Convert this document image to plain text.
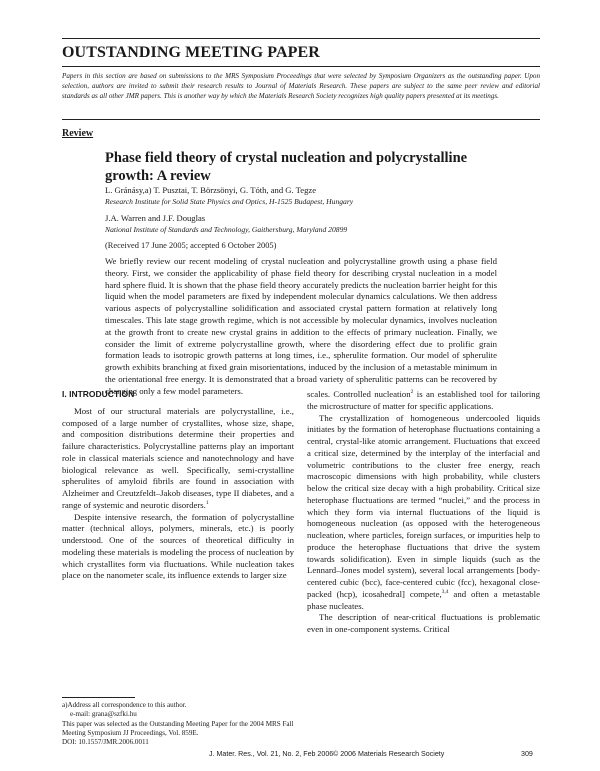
OUTSTANDING MEETING PAPER
Papers in this section are based on submissions to the MRS Symposium Proceedings that were selected by Symposium Organizers as the outstanding paper. Upon selection, authors are invited to submit their research results to Journal of Materials Research. These papers are subject to the same peer review and editorial standards as all other JMR papers. This is another way by which the Materials Research Society recognizes high quality papers presented at its meetings.
Review
Phase field theory of crystal nucleation and polycrystalline growth: A review
L. Gránásy,a) T. Pusztai, T. Börzsönyi, G. Tóth, and G. Tegze
Research Institute for Solid State Physics and Optics, H-1525 Budapest, Hungary
J.A. Warren and J.F. Douglas
National Institute of Standards and Technology, Gaithersburg, Maryland 20899
(Received 17 June 2005; accepted 6 October 2005)
We briefly review our recent modeling of crystal nucleation and polycrystalline growth using a phase field theory. First, we consider the applicability of phase field theory for describing crystal nucleation in a model hard sphere fluid. It is shown that the phase field theory accurately predicts the nucleation barrier height for this liquid when the model parameters are fixed by independent molecular dynamics calculations. We then address various aspects of polycrystalline solidification and associated crystal pattern formation at relatively long timescales. This late stage growth regime, which is not accessible by molecular dynamics, involves nucleation at the growth front to create new crystal grains in addition to the effects of primary nucleation. Finally, we consider the limit of extreme polycrystalline growth, where the disordering effect due to prolific grain formation leads to isotropic growth patterns at long times, i.e., spherulite formation. Our model of spherulite growth exhibits branching at fixed grain misorientations, induced by the inclusion of a metastable minimum in the orientational free energy. It is demonstrated that a broad variety of spherulitic patterns can be recovered by changing only a few model parameters.
I. INTRODUCTION

Most of our structural materials are polycrystalline, i.e., composed of a large number of crystallites, whose size, shape, and composition distributions determine their properties and failure characteristics. Polycrystalline patterns play an important role in classical materials science and nanotechnology and have biological relevance as well. Specifically, semi-crystalline spherulites of amyloid fibrils are found in association with Alzheimer and Creutzfeldt–Jakob diseases, type II diabetes, and a range of systemic and neurotic disorders.$^1$

Despite intensive research, the formation of polycrystalline matter (technical alloys, polymers, minerals, etc.) is poorly understood. One of the sources of theoretical difficulty in modeling these materials is modeling the process of nucleation by which crystallites form via fluctuations. While nucleation takes place on the nanometer scale, its influence extends to larger size

scales. Controlled nucleation$^2$ is an established tool for tailoring the microstructure of matter for specific applications.

The crystallization of homogeneous undercooled liquids initiates by the formation of heterophase fluctuations containing a central, crystal-like atomic arrangement. Fluctuations that exceed a critical size, determined by the interplay of the interfacial and volumetric contributions to the cluster free energy, reach macroscopic dimensions with high probability, while clusters below the critical size decay with a high probability. Critical size heterophase fluctuations are termed “nuclei,” and the process in which they form via internal fluctuations of the liquid is homogeneous nucleation (as opposed with the heterogeneous nucleation, where particles, foreign surfaces, or impurities help to produce the heterophase fluctuations that drive the system towards solidification). Even in simple liquids (such as the Lennard–Jones model system), several local arrangements [body-centered cubic (bcc), face-centered cubic (fcc), hexagonal close-packed (hcp), icosahedral] compete,$^{3,4}$ and often a metastable phase nucleates.

The description of near-critical fluctuations is problematic even in one-component systems. Critical

a)Address all correspondence to this author.
e-mail: grana@szfki.hu
This paper was selected as the Outstanding Meeting Paper for the 2004 MRS Fall Meeting Symposium JJ Proceedings, Vol. 859E.
DOI: 10.1557/JMR.2006.0011
J. Mater. Res., Vol. 21, No. 2, Feb 2006 © 2006 Materials Research Society	309
